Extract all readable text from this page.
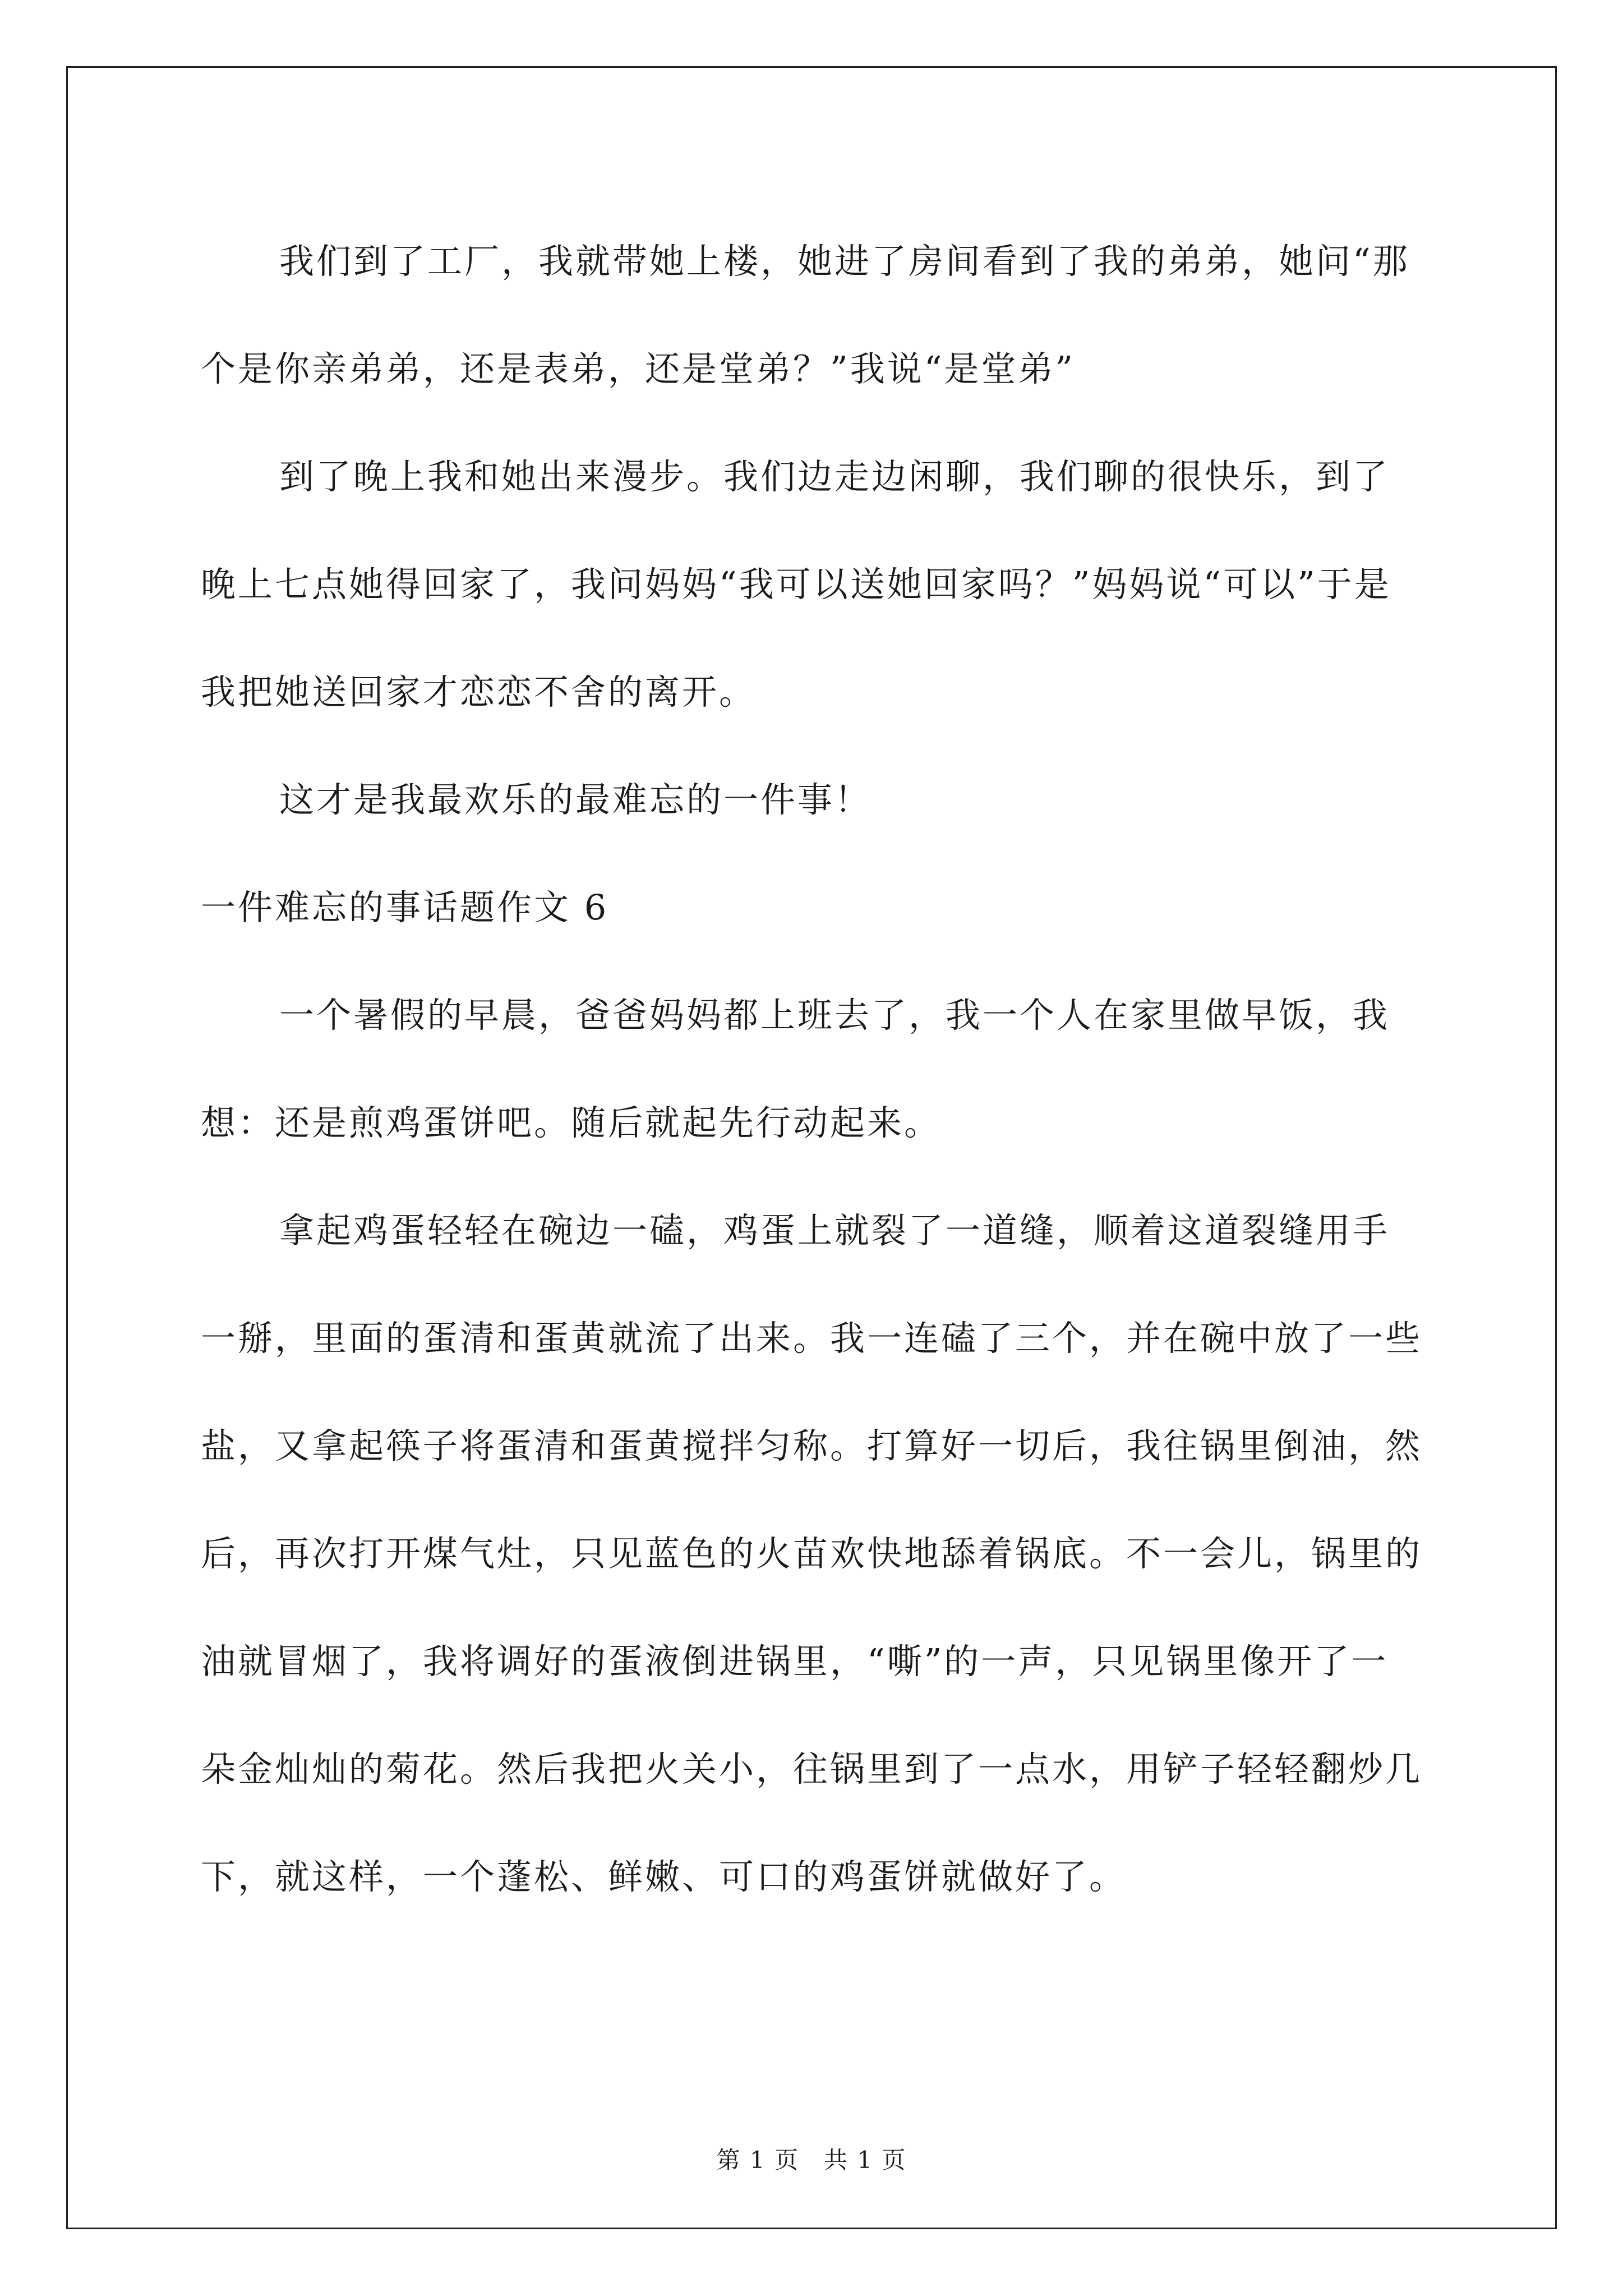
我们到了工厂，我就带她上楼，她进了房间看到了我的弟弟，她问“那个是你亲弟弟，还是表弟，还是堂弟？”我说“是堂弟”

到了晚上我和她出来漫步。我们边走边闲聊，我们聊的很快乐，到了晚上七点她得回家了，我问妈妈“我可以送她回家吗？”妈妈说“可以”于是我把她送回家才恋恋不舍的离开。

这才是我最欢乐的最难忘的一件事！

一件难忘的事话题作文 6

一个暑假的早晨，爸爸妈妈都上班去了，我一个人在家里做早饭，我想：还是煎鸡蛋饼吧。随后就起先行动起来。

拿起鸡蛋轻轻在碗边一磕，鸡蛋上就裂了一道缝，顺着这道裂缝用手一掰，里面的蛋清和蛋黄就流了出来。我一连磕了三个，并在碗中放了一些盐，又拿起筷子将蛋清和蛋黄搅拌匀称。打算好一切后，我往锅里倒油，然后，再次打开煤气灶，只见蓝色的火苗欢快地舔着锅底。不一会儿，锅里的油就冒烟了，我将调好的蛋液倒进锅里，“嘶”的一声，只见锅里像开了一朵金灿灿的菊花。然后我把火关小，往锅里到了一点水，用铲子轻轻翻炒几下，就这样，一个蓬松、鲜嫩、可口的鸡蛋饼就做好了。

第 1 页　共 1 页
